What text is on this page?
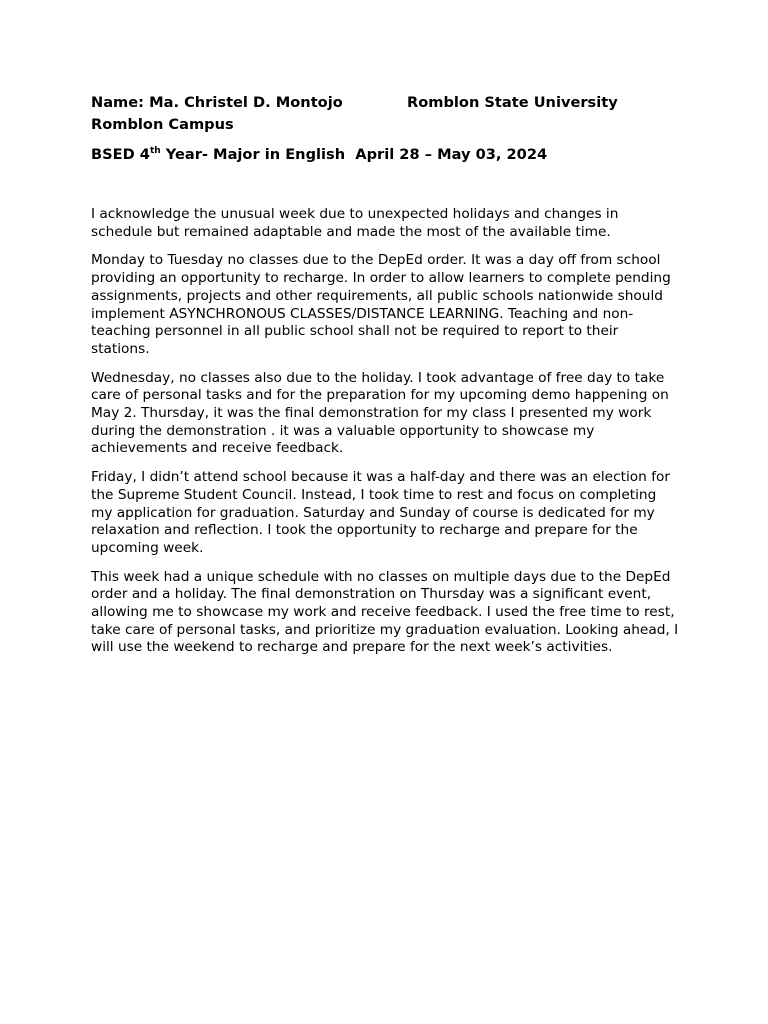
Name: Ma. Christel D. Montojo	Romblon State University
Romblon Campus
BSED 4th Year- Major in English April 28 – May 03, 2024

I acknowledge the unusual week due to unexpected holidays and changes in schedule but remained adaptable and made the most of the available time.

Monday to Tuesday no classes due to the DepEd order. It was a day off from school providing an opportunity to recharge. In order to allow learners to complete pending assignments, projects and other requirements, all public schools nationwide should implement ASYNCHRONOUS CLASSES/DISTANCE LEARNING. Teaching and non-teaching personnel in all public school shall not be required to report to their stations.

Wednesday, no classes also due to the holiday. I took advantage of free day to take care of personal tasks and for the preparation for my upcoming demo happening on May 2. Thursday, it was the final demonstration for my class I presented my work during the demonstration . it was a valuable opportunity to showcase my achievements and receive feedback.

Friday, I didn’t attend school because it was a half-day and there was an election for the Supreme Student Council. Instead, I took time to rest and focus on completing my application for graduation. Saturday and Sunday of course is dedicated for my relaxation and reflection. I took the opportunity to recharge and prepare for the upcoming week.

This week had a unique schedule with no classes on multiple days due to the DepEd order and a holiday. The final demonstration on Thursday was a significant event, allowing me to showcase my work and receive feedback. I used the free time to rest, take care of personal tasks, and prioritize my graduation evaluation. Looking ahead, I will use the weekend to recharge and prepare for the next week’s activities.
